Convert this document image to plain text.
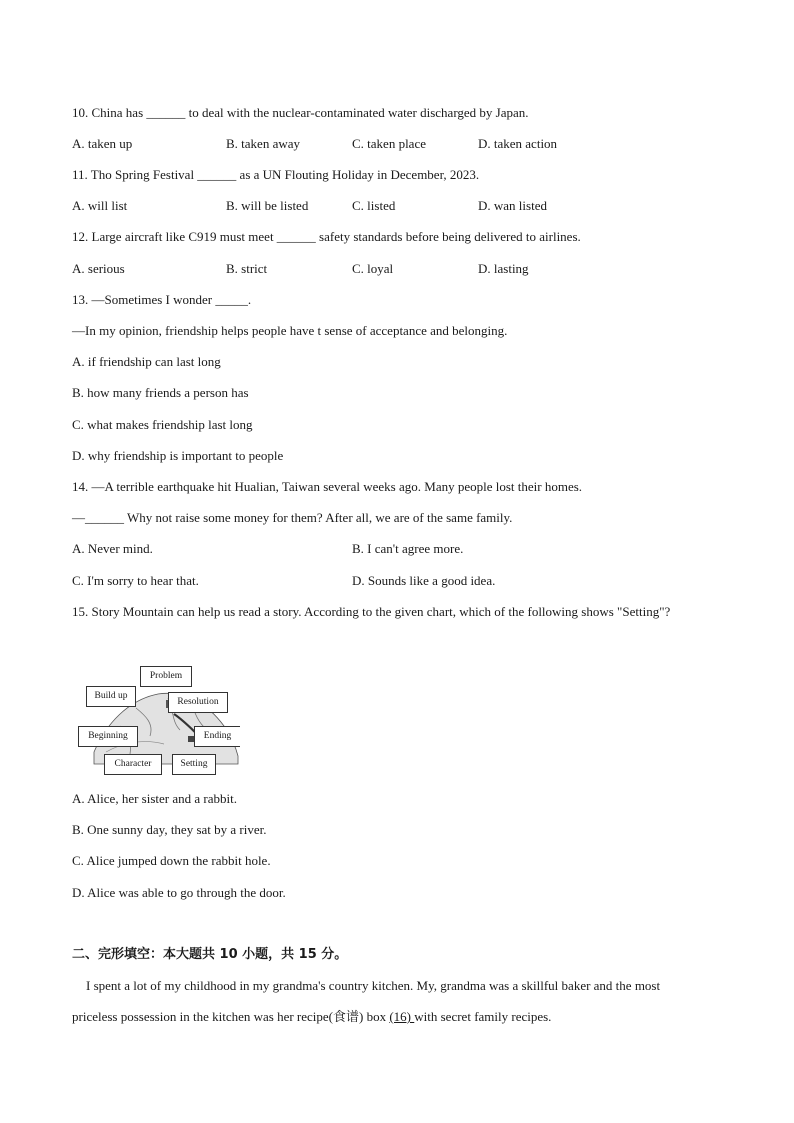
10. China has ______ to deal with the nuclear-contaminated water discharged by Japan.
A. taken up	B. taken away	C. taken place	D. taken action
11. Tho Spring Festival ______ as a UN Flouting Holiday in December, 2023.
A. will list	B. will be listed	C. listed	D. wan listed
12. Large aircraft like C919 must meet ______ safety standards before being delivered to airlines.
A. serious	B. strict	C. loyal	D. lasting
13. —Sometimes I wonder _____.
—In my opinion, friendship helps people have t sense of acceptance and belonging.
A. if friendship can last long
B. how many friends a person has
C. what makes friendship last long
D. why friendship is important to people
14. —A terrible earthquake hit Hualian, Taiwan several weeks ago. Many people lost their homes.
—______ Why not raise some money for them? After all, we are of the same family.
A. Never mind.	B. I can't agree more.
C. I'm sorry to hear that.	D. Sounds like a good idea.
15. Story Mountain can help us read a story. According to the given chart, which of the following shows "Setting"?
Problem
Build up
Resolution
Beginning	Ending
Character	Setting
A. Alice, her sister and a rabbit.
B. One sunny day, they sat by a river.
C. Alice jumped down the rabbit hole.
D. Alice was able to go through the door.
二、完形填空：本大题共 10 小题，共 15 分。
I spent a lot of my childhood in my grandma's country kitchen. My, grandma was a skillful baker and the most
priceless possession in the kitchen was her recipe(食谱) box (16) with secret family recipes.
